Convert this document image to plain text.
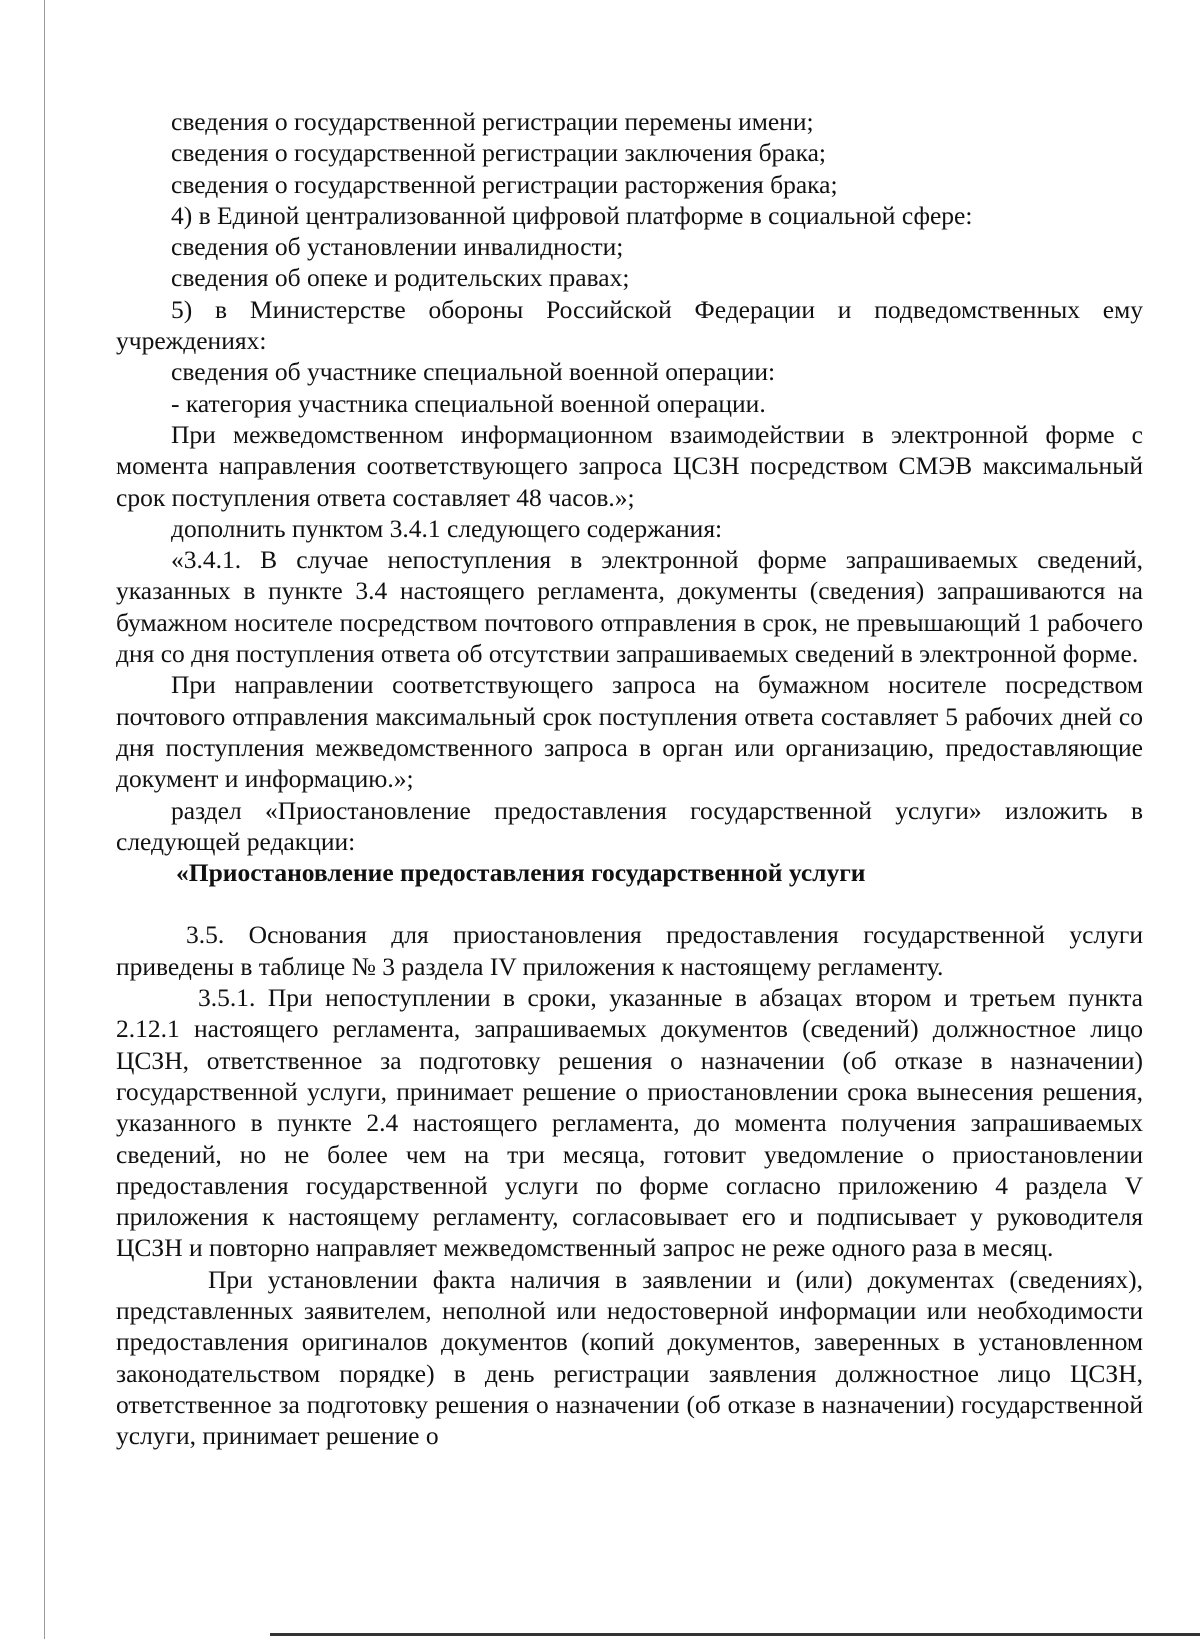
сведения о государственной регистрации перемены имени;

сведения о государственной регистрации заключения брака;

сведения о государственной регистрации расторжения брака;

4) в Единой централизованной цифровой платформе в социальной сфере:

сведения об установлении инвалидности;

сведения об опеке и родительских правах;

5) в Министерстве обороны Российской Федерации и подведомственных ему учреждениях:

сведения об участнике специальной военной операции:

- категория участника специальной военной операции.

При межведомственном информационном взаимодействии в электронной форме с момента направления соответствующего запроса ЦСЗН посредством СМЭВ максимальный срок поступления ответа составляет 48 часов.»;

дополнить пунктом 3.4.1 следующего содержания:

«3.4.1. В случае непоступления в электронной форме запрашиваемых сведений, указанных в пункте 3.4 настоящего регламента, документы (сведения) запрашиваются на бумажном носителе посредством почтового отправления в срок, не превышающий 1 рабочего дня со дня поступления ответа об отсутствии запрашиваемых сведений в электронной форме.

При направлении соответствующего запроса на бумажном носителе посредством почтового отправления максимальный срок поступления ответа составляет 5 рабочих дней со дня поступления межведомственного запроса в орган или организацию, предоставляющие документ и информацию.»;

раздел «Приостановление предоставления государственной услуги» изложить в следующей редакции:

«Приостановление предоставления государственной услуги

3.5. Основания для приостановления предоставления государственной услуги приведены в таблице № 3 раздела IV приложения к настоящему регламенту.

3.5.1. При непоступлении в сроки, указанные в абзацах втором и третьем пункта 2.12.1 настоящего регламента, запрашиваемых документов (сведений) должностное лицо ЦСЗН, ответственное за подготовку решения о назначении (об отказе в назначении) государственной услуги, принимает решение о приостановлении срока вынесения решения, указанного в пункте 2.4 настоящего регламента, до момента получения запрашиваемых сведений, но не более чем на три месяца, готовит уведомление о приостановлении предоставления государственной услуги по форме согласно приложению 4 раздела V приложения к настоящему регламенту, согласовывает его и подписывает у руководителя ЦСЗН и повторно направляет межведомственный запрос не реже одного раза в месяц.

При установлении факта наличия в заявлении и (или) документах (сведениях), представленных заявителем, неполной или недостоверной информации или необходимости предоставления оригиналов документов (копий документов, заверенных в установленном законодательством порядке) в день регистрации заявления должностное лицо ЦСЗН, ответственное за подготовку решения о назначении (об отказе в назначении) государственной услуги, принимает решение о
